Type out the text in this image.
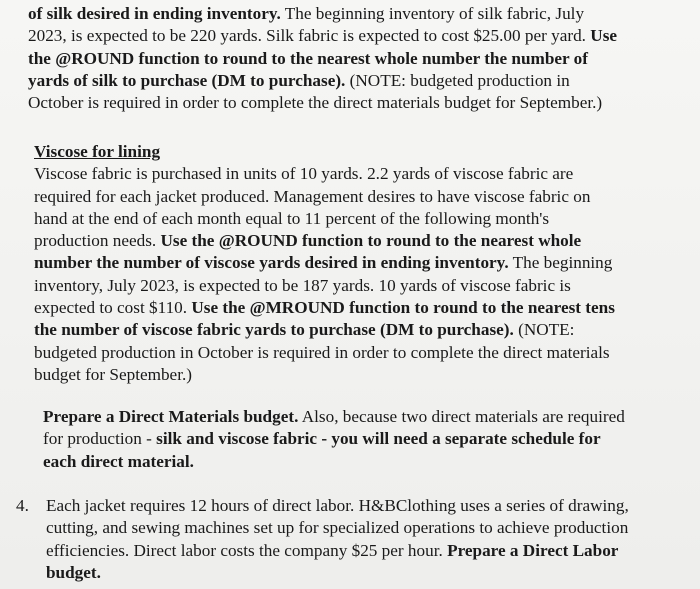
of silk desired in ending inventory. The beginning inventory of silk fabric, July
2023, is expected to be 220 yards. Silk fabric is expected to cost $25.00 per yard. Use
the @ROUND function to round to the nearest whole number the number of
yards of silk to purchase (DM to purchase). (NOTE: budgeted production in
October is required in order to complete the direct materials budget for September.)
Viscose for lining
Viscose fabric is purchased in units of 10 yards. 2.2 yards of viscose fabric are
required for each jacket produced. Management desires to have viscose fabric on
hand at the end of each month equal to 11 percent of the following month's
production needs. Use the @ROUND function to round to the nearest whole
number the number of viscose yards desired in ending inventory. The beginning
inventory, July 2023, is expected to be 187 yards. 10 yards of viscose fabric is
expected to cost $110. Use the @MROUND function to round to the nearest tens
the number of viscose fabric yards to purchase (DM to purchase). (NOTE:
budgeted production in October is required in order to complete the direct materials
budget for September.)
Prepare a Direct Materials budget. Also, because two direct materials are required
for production - silk and viscose fabric - you will need a separate schedule for
each direct material.
4. Each jacket requires 12 hours of direct labor. H&BClothing uses a series of drawing,
cutting, and sewing machines set up for specialized operations to achieve production
efficiencies. Direct labor costs the company $25 per hour. Prepare a Direct Labor
budget.
